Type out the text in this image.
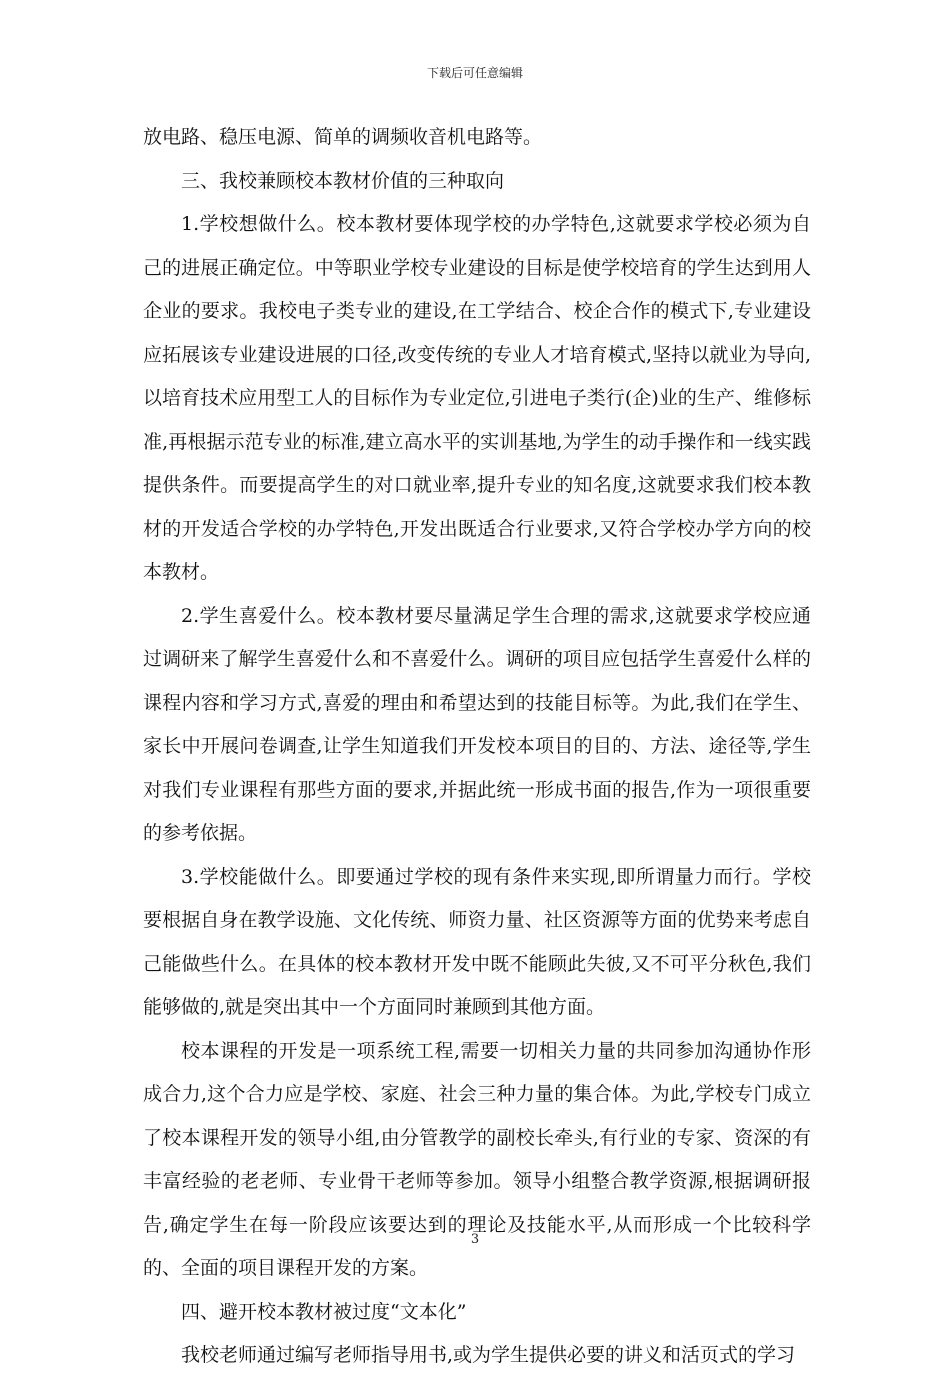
下载后可任意编辑

放电路、稳压电源、简单的调频收音机电路等。

三、我校兼顾校本教材价值的三种取向

1.学校想做什么。校本教材要体现学校的办学特色,这就要求学校必须为自己的进展正确定位。中等职业学校专业建设的目标是使学校培育的学生达到用人企业的要求。我校电子类专业的建设,在工学结合、校企合作的模式下,专业建设应拓展该专业建设进展的口径,改变传统的专业人才培育模式,坚持以就业为导向,以培育技术应用型工人的目标作为专业定位,引进电子类行(企)业的生产、维修标准,再根据示范专业的标准,建立高水平的实训基地,为学生的动手操作和一线实践提供条件。而要提高学生的对口就业率,提升专业的知名度,这就要求我们校本教材的开发适合学校的办学特色,开发出既适合行业要求,又符合学校办学方向的校本教材。

2.学生喜爱什么。校本教材要尽量满足学生合理的需求,这就要求学校应通过调研来了解学生喜爱什么和不喜爱什么。调研的项目应包括学生喜爱什么样的课程内容和学习方式,喜爱的理由和希望达到的技能目标等。为此,我们在学生、家长中开展问卷调查,让学生知道我们开发校本项目的目的、方法、途径等,学生对我们专业课程有那些方面的要求,并据此统一形成书面的报告,作为一项很重要的参考依据。

3.学校能做什么。即要通过学校的现有条件来实现,即所谓量力而行。学校要根据自身在教学设施、文化传统、师资力量、社区资源等方面的优势来考虑自己能做些什么。在具体的校本教材开发中既不能顾此失彼,又不可平分秋色,我们能够做的,就是突出其中一个方面同时兼顾到其他方面。

校本课程的开发是一项系统工程,需要一切相关力量的共同参加沟通协作形成合力,这个合力应是学校、家庭、社会三种力量的集合体。为此,学校专门成立了校本课程开发的领导小组,由分管教学的副校长牵头,有行业的专家、资深的有丰富经验的老老师、专业骨干老师等参加。领导小组整合教学资源,根据调研报告,确定学生在每一阶段应该要达到的理论及技能水平,从而形成一个比较科学的、全面的项目课程开发的方案。

四、避开校本教材被过度“文本化”

我校老师通过编写老师指导用书,或为学生提供必要的讲义和活页式的学习

3
